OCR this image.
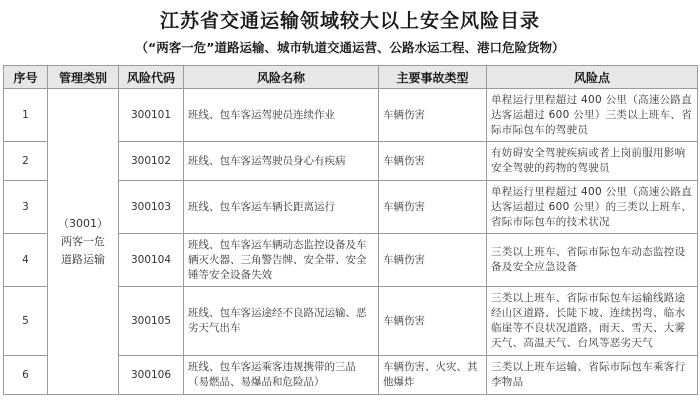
江苏省交通运输领域较大以上安全风险目录
（“两客一危”道路运输、城市轨道交通运营、公路水运工程、港口危险货物）
序号	管理类别	风险代码	风险名称	主要事故类型	风险点
1	（3001）
两客一危
道路运输	300101	班线、包车客运驾驶员连续作业	车辆伤害	单程运行里程超过 400 公里（高速公路直达客运超过 600 公里）三类以上班车、省际市际包车的驾驶员
2		300102	班线、包车客运驾驶员身心有疾病	车辆伤害	有妨碍安全驾驶疾病或者上岗前服用影响安全驾驶的药物的驾驶员
3		300103	班线、包车客运车辆长距离运行	车辆伤害	单程运行里程超过 400 公里（高速公路直达客运超过 600 公里）的三类以上班车、省际市际包车的技术状况
4		300104	班线、包车客运车辆动态监控设备及车辆灭火器、三角警告牌、安全带、安全锤等安全设备失效	车辆伤害	三类以上班车、省际市际包车动态监控设备及安全应急设备
5		300105	班线、包车客运途经不良路况运输、恶劣天气出车	车辆伤害	三类以上班车、省际市际包车运输线路途经山区道路、长陡下坡、连续拐弯、临水临崖等不良状况道路，雨天、雪天、大雾天气、高温天气、台风等恶劣天气
6		300106	班线、包车客运乘客违规携带的三品（易燃品、易爆品和危险品）	车辆伤害、火灾、其他爆炸	三类以上班车运输、省际市际包车乘客行李物品
